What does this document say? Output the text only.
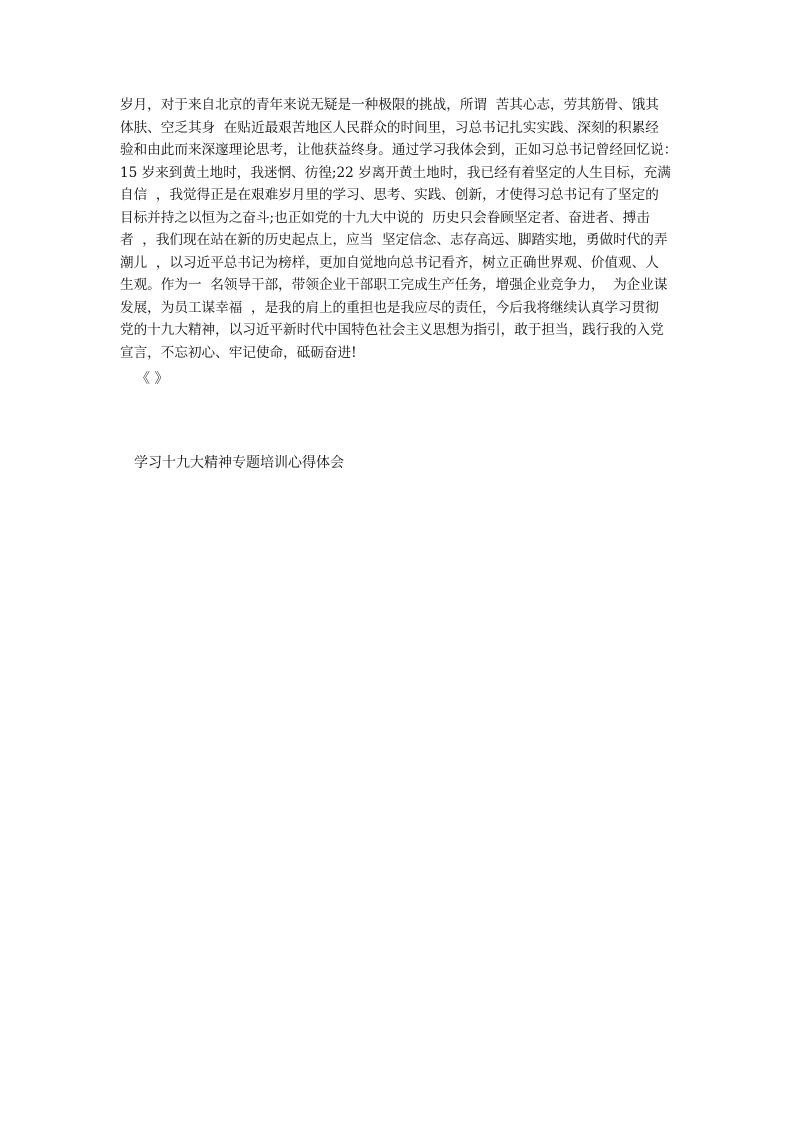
岁月，对于来自北京的青年来说无疑是一种极限的挑战，所谓  苦其心志，劳其筋骨、饿其
体肤、空乏其身  在贴近最艰苦地区人民群众的时间里，习总书记扎实实践、深刻的积累经
验和由此而来深邃理论思考，让他获益终身。通过学习我体会到，正如习总书记曾经回忆说：
15 岁来到黄土地时，我迷惘、彷徨;22 岁离开黄土地时，我已经有着坚定的人生目标，充满
自信  ，我觉得正是在艰难岁月里的学习、思考、实践、创新，才使得习总书记有了坚定的
目标并持之以恒为之奋斗;也正如党的十九大中说的  历史只会眷顾坚定者、奋进者、搏击
者  ，我们现在站在新的历史起点上，应当  坚定信念、志存高远、脚踏实地，勇做时代的弄
潮儿  ，以习近平总书记为榜样，更加自觉地向总书记看齐，树立正确世界观、价值观、人
生观。作为一  名领导干部，带领企业干部职工完成生产任务，增强企业竞争力，  为企业谋
发展，为员工谋幸福  ，是我的肩上的重担也是我应尽的责任，今后我将继续认真学习贯彻
党的十九大精神，以习近平新时代中国特色社会主义思想为指引，敢于担当，践行我的入党
宣言，不忘初心、牢记使命，砥砺奋进!
《 》
学习十九大精神专题培训心得体会
